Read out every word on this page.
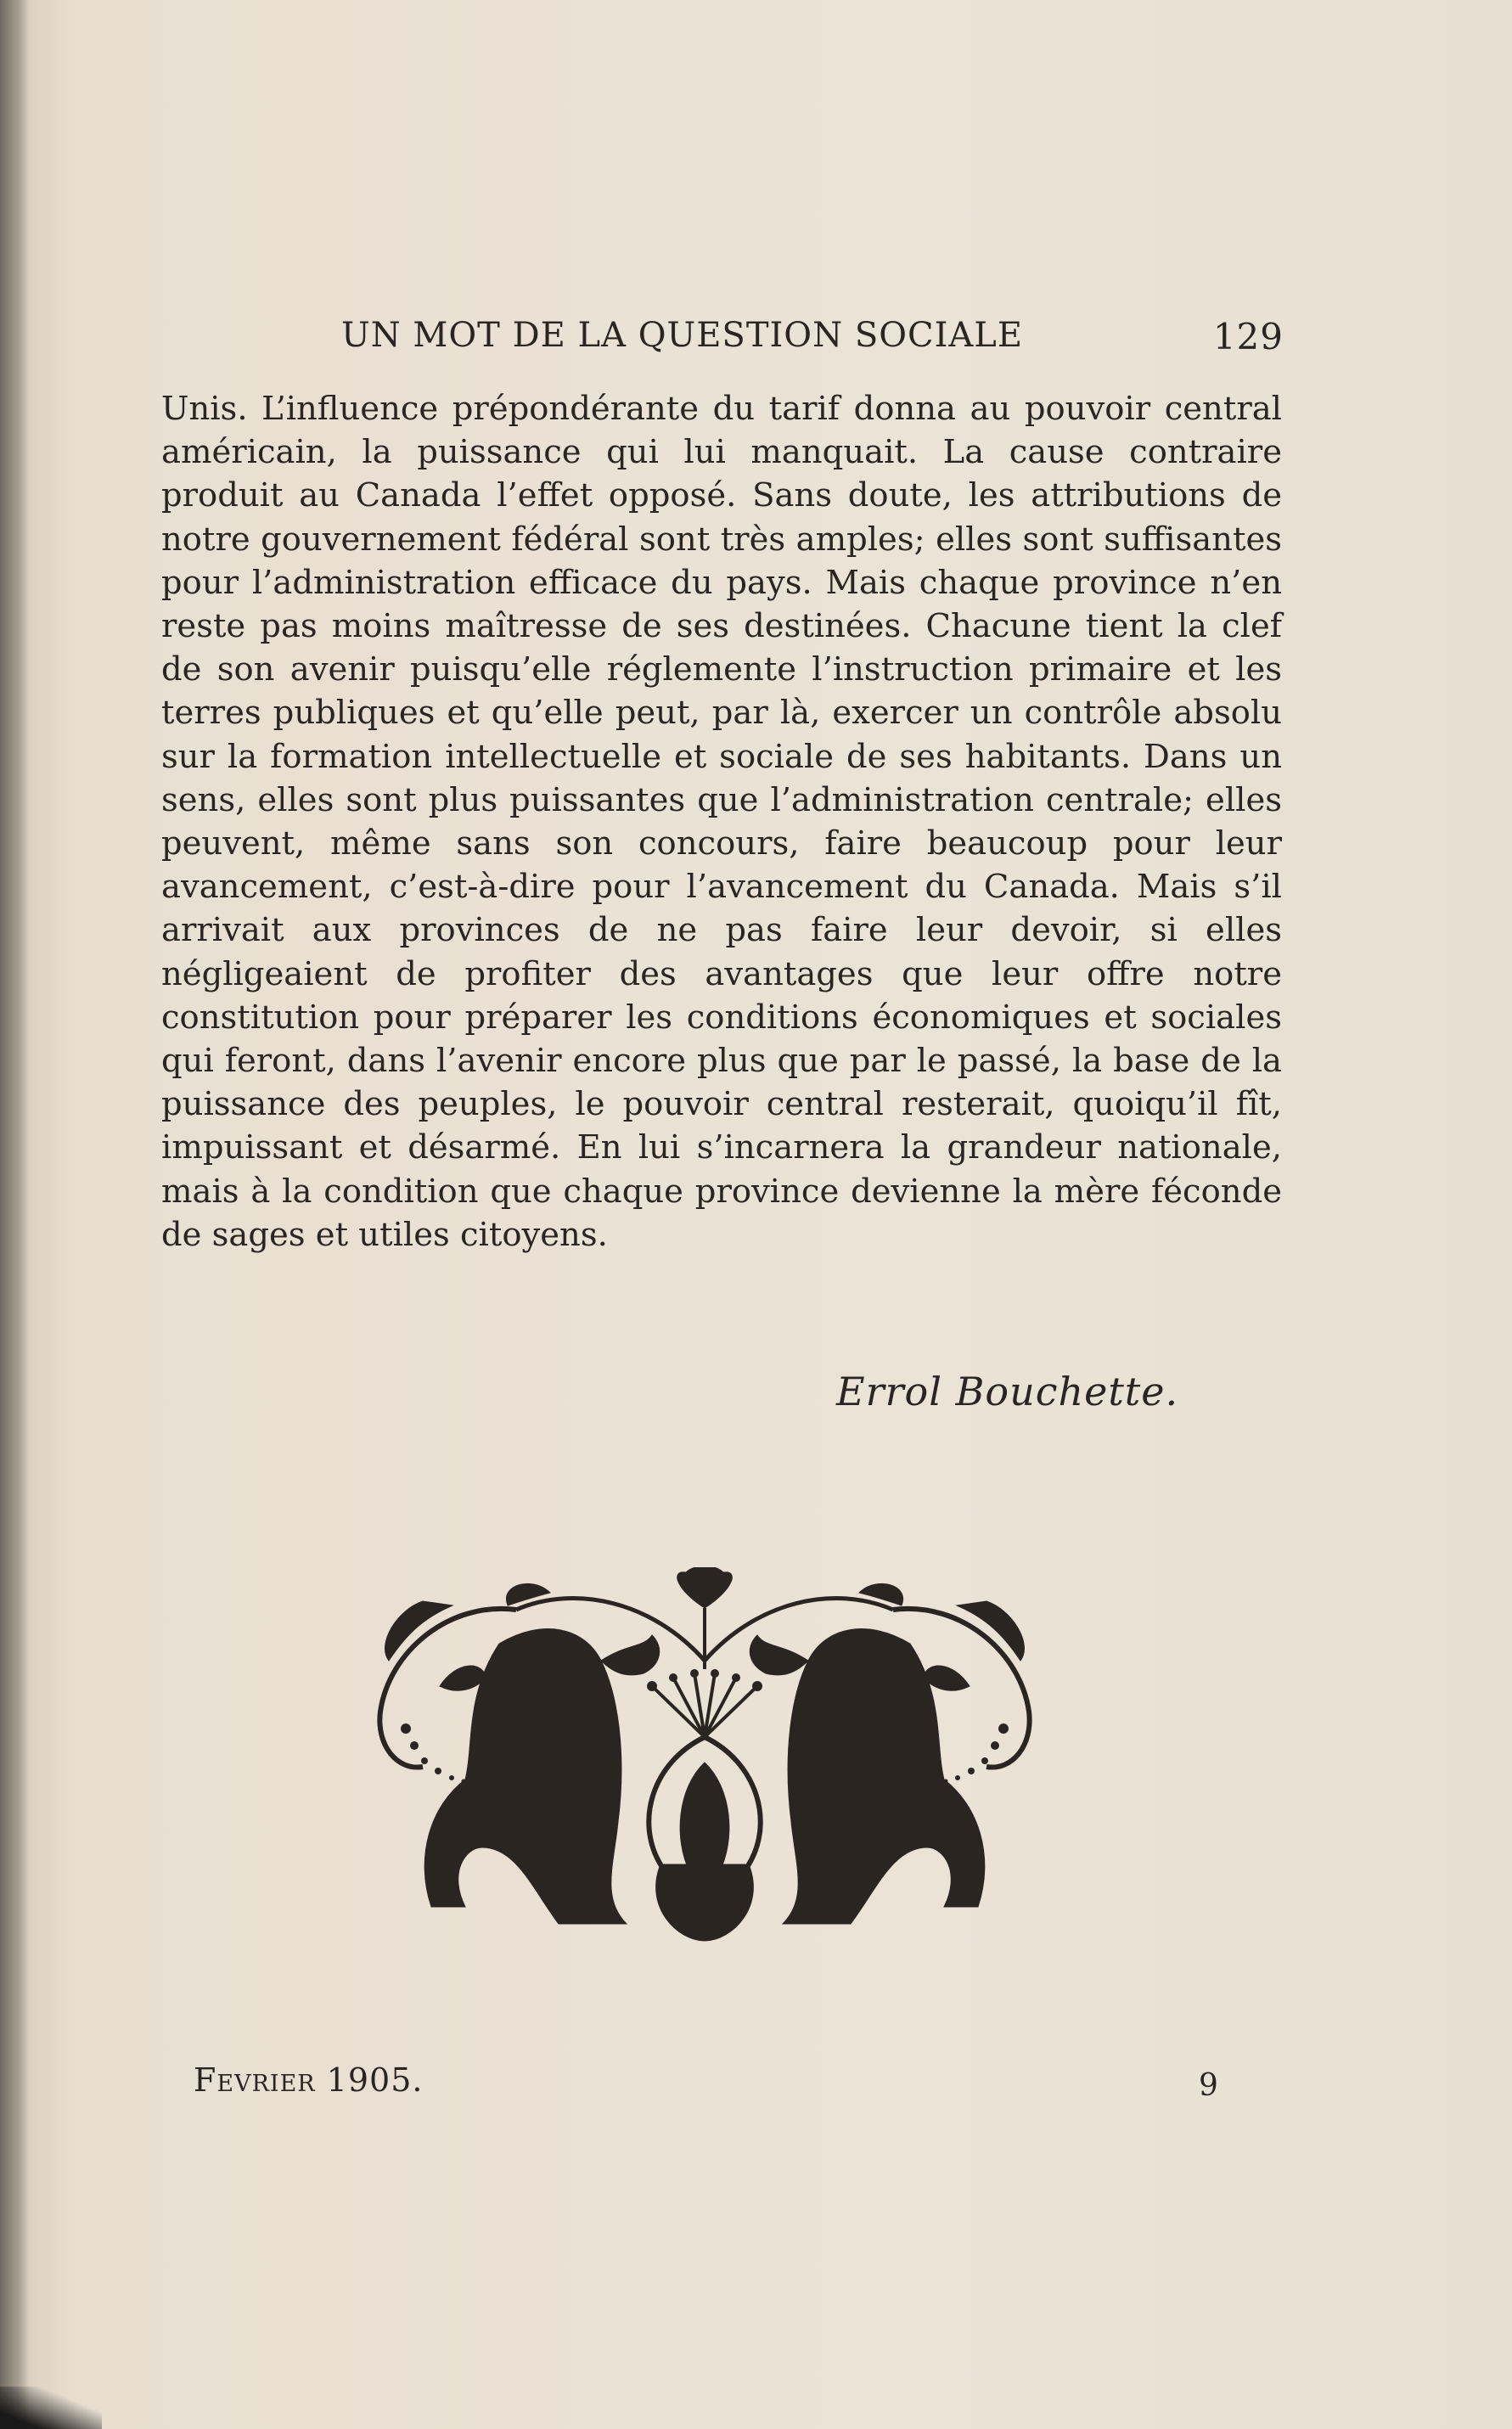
UN MOT DE LA QUESTION SOCIALE	129
Unis. L’influence prépondérante du tarif donna au pouvoir central américain, la puissance qui lui manquait. La cause contraire produit au Canada l’effet opposé. Sans doute, les attributions de notre gouvernement fédéral sont très amples; elles sont suffisantes pour l’administration efficace du pays. Mais chaque province n’en reste pas moins maîtresse de ses destinées. Chacune tient la clef de son avenir puisqu’elle réglemente l’instruction primaire et les terres publiques et qu’elle peut, par là, exercer un contrôle absolu sur la formation intellectuelle et sociale de ses habitants. Dans un sens, elles sont plus puissantes que l’administration centrale; elles peuvent, même sans son concours, faire beaucoup pour leur avancement, c’est-à-dire pour l’avancement du Canada. Mais s’il arrivait aux provinces de ne pas faire leur devoir, si elles négligeaient de profiter des avantages que leur offre notre constitution pour préparer les conditions économiques et sociales qui feront, dans l’avenir encore plus que par le passé, la base de la puissance des peuples, le pouvoir central resterait, quoiqu’il fît, impuissant et désarmé. En lui s’incarnera la grandeur nationale, mais à la condition que chaque province devienne la mère féconde de sages et utiles citoyens.
Errol Bouchette.
Fevrier 1905.	9
